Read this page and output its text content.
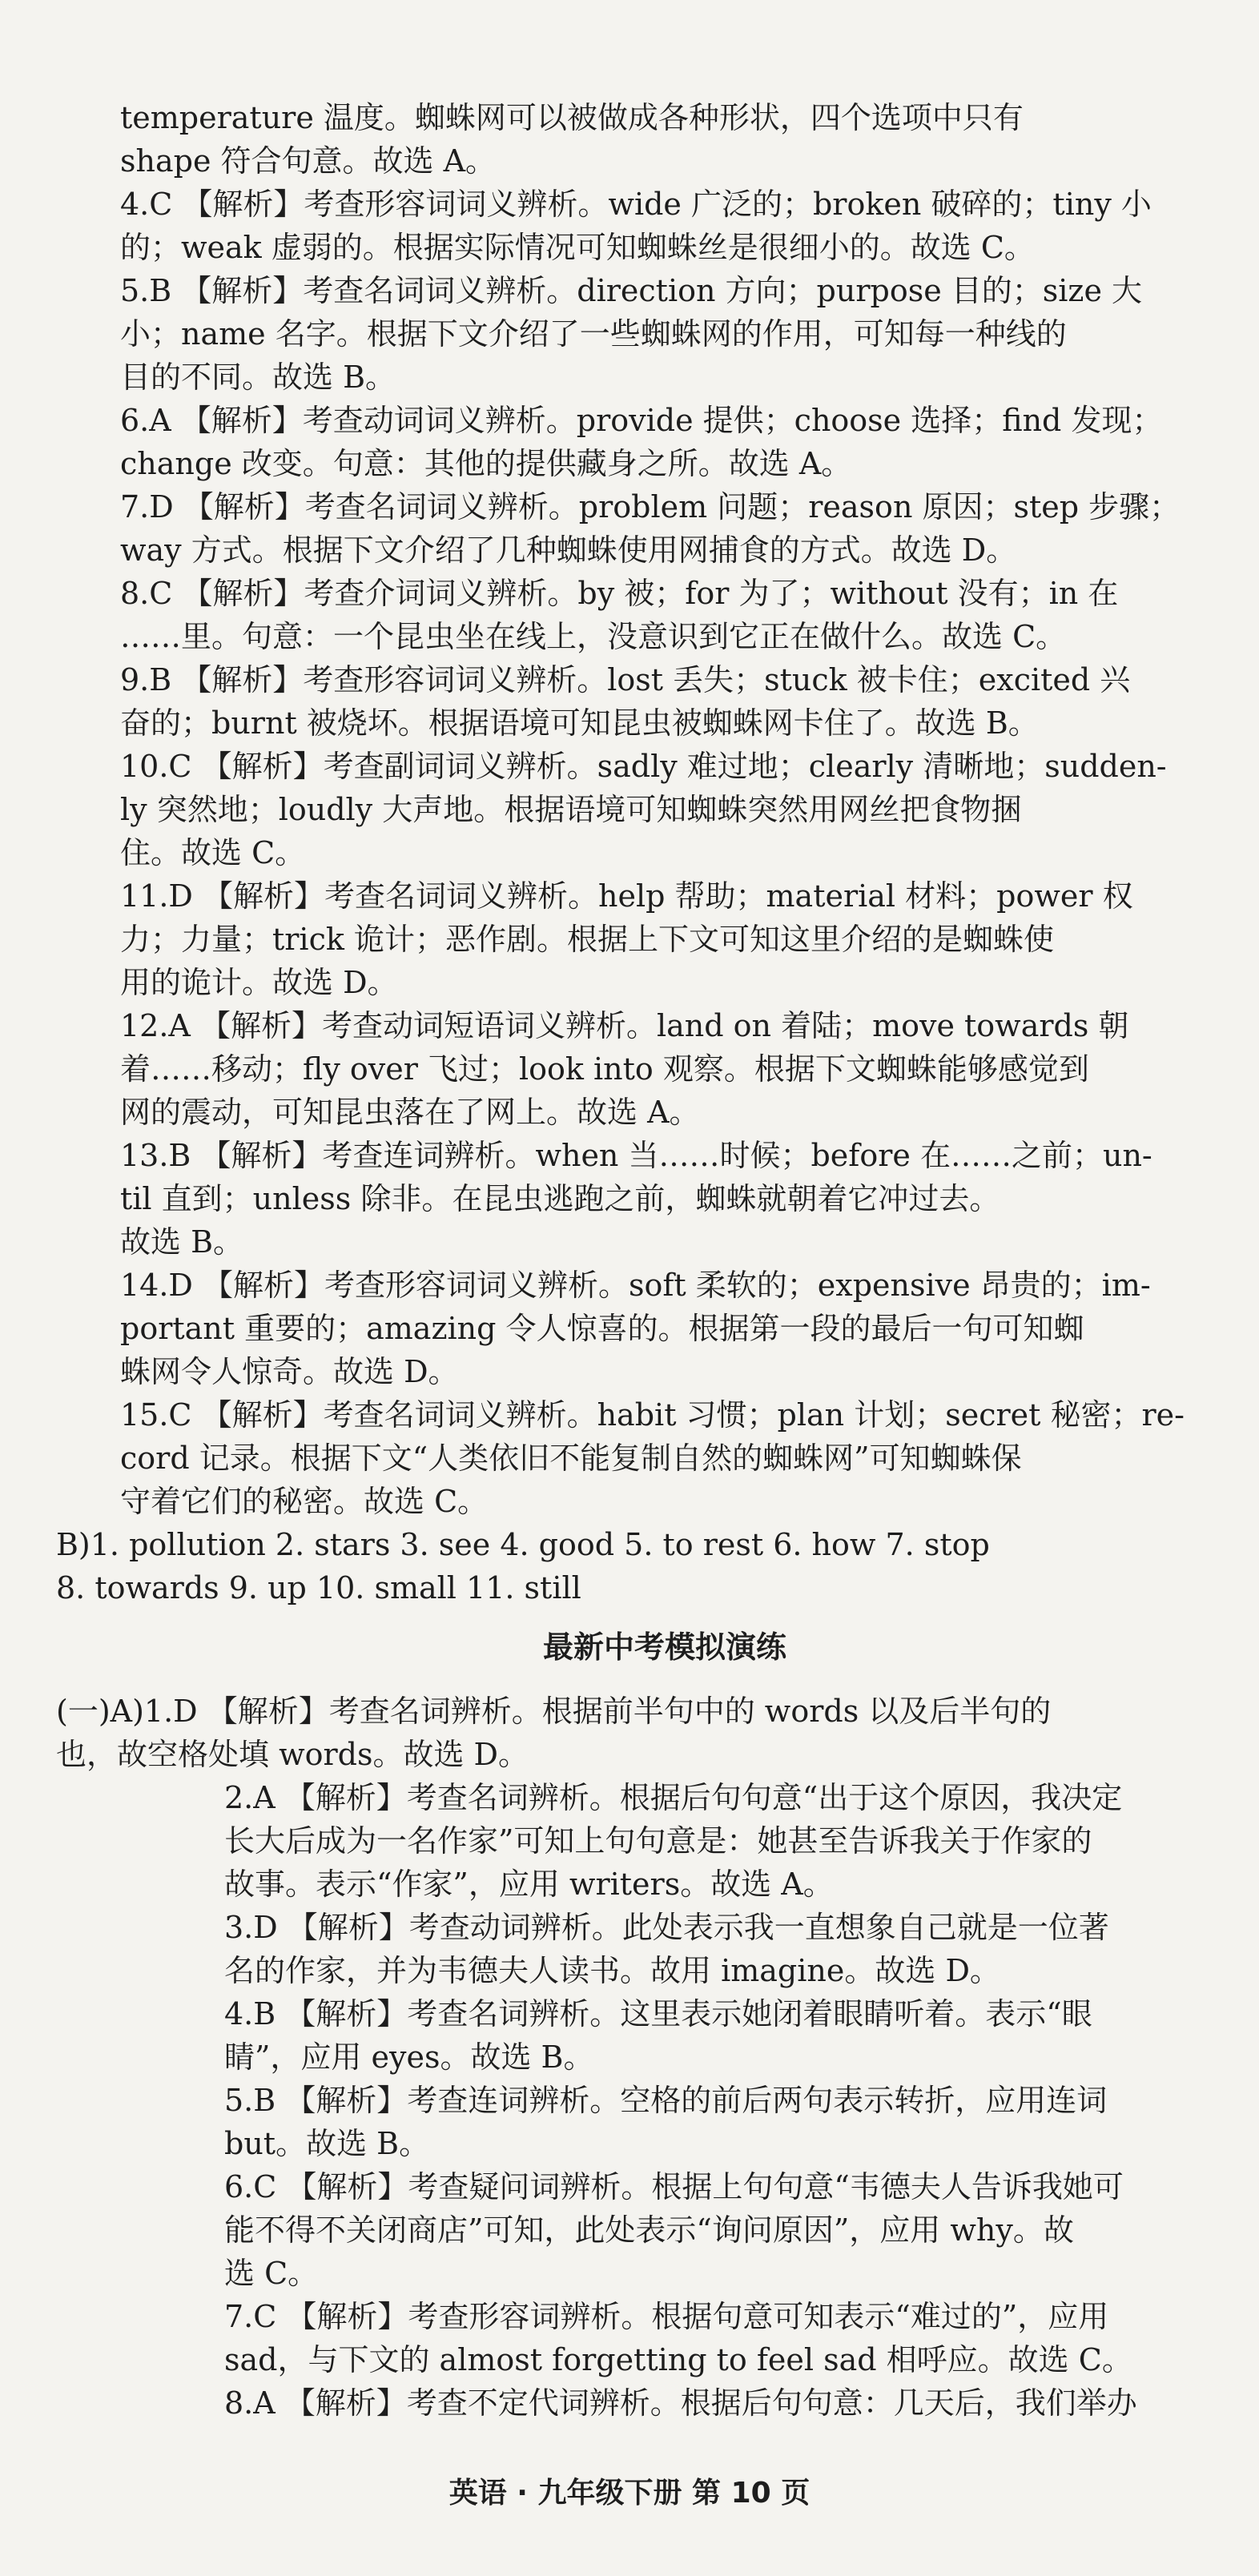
temperature 温度。蜘蛛网可以被做成各种形状，四个选项中只有
shape 符合句意。故选 A。
4.C 【解析】考查形容词词义辨析。wide 广泛的；broken 破碎的；tiny 小
的；weak 虚弱的。根据实际情况可知蜘蛛丝是很细小的。故选 C。
5.B 【解析】考查名词词义辨析。direction 方向；purpose 目的；size 大
小；name 名字。根据下文介绍了一些蜘蛛网的作用，可知每一种线的
目的不同。故选 B。
6.A 【解析】考查动词词义辨析。provide 提供；choose 选择；find 发现；
change 改变。句意：其他的提供藏身之所。故选 A。
7.D 【解析】考查名词词义辨析。problem 问题；reason 原因；step 步骤；
way 方式。根据下文介绍了几种蜘蛛使用网捕食的方式。故选 D。
8.C 【解析】考查介词词义辨析。by 被；for 为了；without 没有；in 在
……里。句意：一个昆虫坐在线上，没意识到它正在做什么。故选 C。
9.B 【解析】考查形容词词义辨析。lost 丢失；stuck 被卡住；excited 兴
奋的；burnt 被烧坏。根据语境可知昆虫被蜘蛛网卡住了。故选 B。
10.C 【解析】考查副词词义辨析。sadly 难过地；clearly 清晰地；sudden-
ly 突然地；loudly 大声地。根据语境可知蜘蛛突然用网丝把食物捆
住。故选 C。
11.D 【解析】考查名词词义辨析。help 帮助；material 材料；power 权
力；力量；trick 诡计；恶作剧。根据上下文可知这里介绍的是蜘蛛使
用的诡计。故选 D。
12.A 【解析】考查动词短语词义辨析。land on 着陆；move towards 朝
着……移动；fly over 飞过；look into 观察。根据下文蜘蛛能够感觉到
网的震动，可知昆虫落在了网上。故选 A。
13.B 【解析】考查连词辨析。when 当……时候；before 在……之前；un-
til 直到；unless 除非。在昆虫逃跑之前，蜘蛛就朝着它冲过去。
故选 B。
14.D 【解析】考查形容词词义辨析。soft 柔软的；expensive 昂贵的；im-
portant 重要的；amazing 令人惊喜的。根据第一段的最后一句可知蜘
蛛网令人惊奇。故选 D。
15.C 【解析】考查名词词义辨析。habit 习惯；plan 计划；secret 秘密；re-
cord 记录。根据下文“人类依旧不能复制自然的蜘蛛网”可知蜘蛛保
守着它们的秘密。故选 C。
B)1. pollution 2. stars 3. see 4. good 5. to rest 6. how 7. stop
8. towards 9. up 10. small 11. still
最新中考模拟演练
(一)A)1.D 【解析】考查名词辨析。根据前半句中的 words 以及后半句的
也，故空格处填 words。故选 D。
2.A 【解析】考查名词辨析。根据后句句意“出于这个原因，我决定
长大后成为一名作家”可知上句句意是：她甚至告诉我关于作家的
故事。表示“作家”，应用 writers。故选 A。
3.D 【解析】考查动词辨析。此处表示我一直想象自己就是一位著
名的作家，并为韦德夫人读书。故用 imagine。故选 D。
4.B 【解析】考查名词辨析。这里表示她闭着眼睛听着。表示“眼
睛”，应用 eyes。故选 B。
5.B 【解析】考查连词辨析。空格的前后两句表示转折，应用连词
but。故选 B。
6.C 【解析】考查疑问词辨析。根据上句句意“韦德夫人告诉我她可
能不得不关闭商店”可知，此处表示“询问原因”，应用 why。故
选 C。
7.C 【解析】考查形容词辨析。根据句意可知表示“难过的”，应用
sad，与下文的 almost forgetting to feel sad 相呼应。故选 C。
8.A 【解析】考查不定代词辨析。根据后句句意：几天后，我们举办
英语 · 九年级下册 第 10 页
